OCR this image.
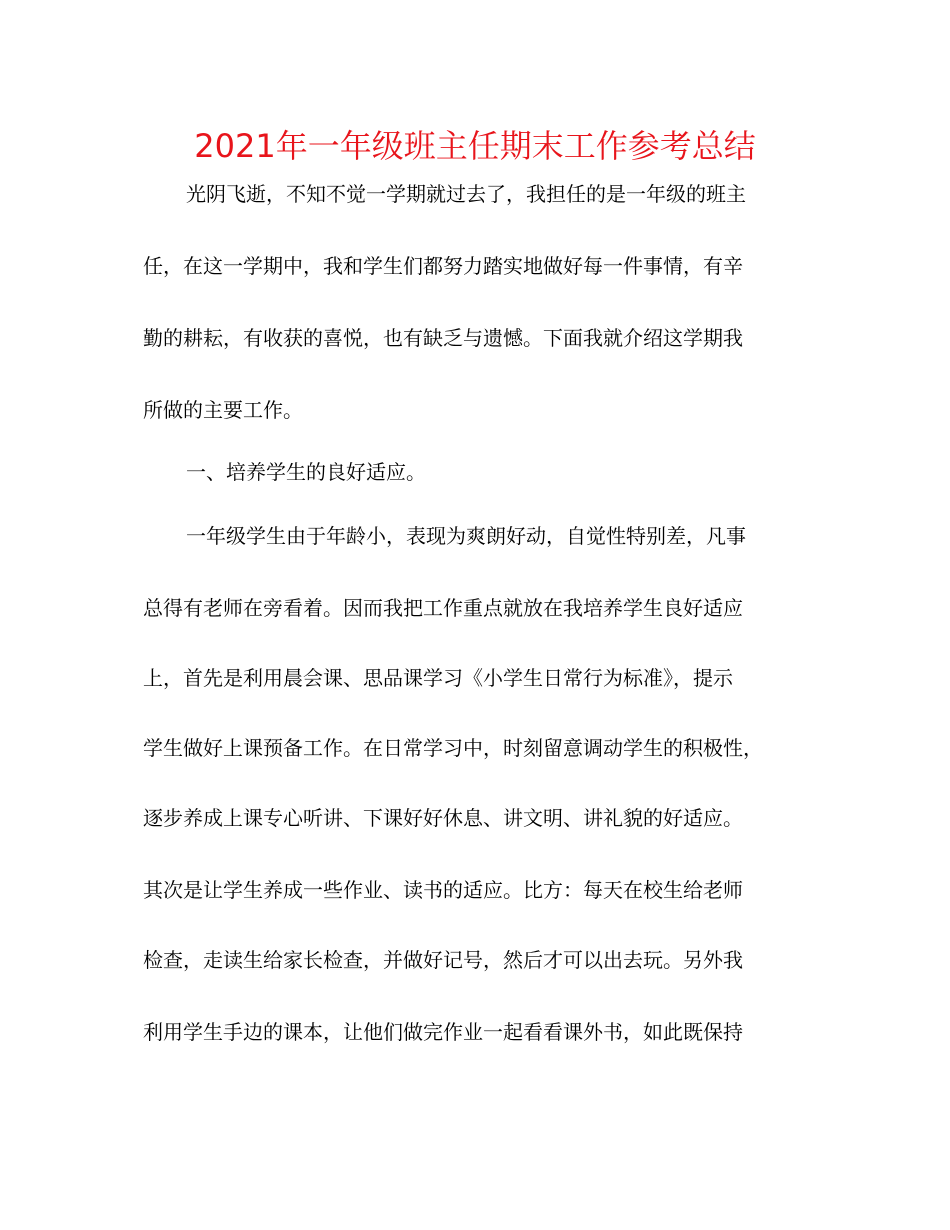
2021年一年级班主任期末工作参考总结
光阴飞逝，不知不觉一学期就过去了，我担任的是一年级的班主
任，在这一学期中，我和学生们都努力踏实地做好每一件事情，有辛
勤的耕耘，有收获的喜悦，也有缺乏与遗憾。下面我就介绍这学期我
所做的主要工作。
一、培养学生的良好适应。
一年级学生由于年龄小，表现为爽朗好动，自觉性特别差，凡事
总得有老师在旁看着。因而我把工作重点就放在我培养学生良好适应
上，首先是利用晨会课、思品课学习《小学生日常行为标准》，提示
学生做好上课预备工作。在日常学习中，时刻留意调动学生的积极性，
逐步养成上课专心听讲、下课好好休息、讲文明、讲礼貌的好适应。
其次是让学生养成一些作业、读书的适应。比方：每天在校生给老师
检查，走读生给家长检查，并做好记号，然后才可以出去玩。另外我
利用学生手边的课本，让他们做完作业一起看看课外书，如此既保持
